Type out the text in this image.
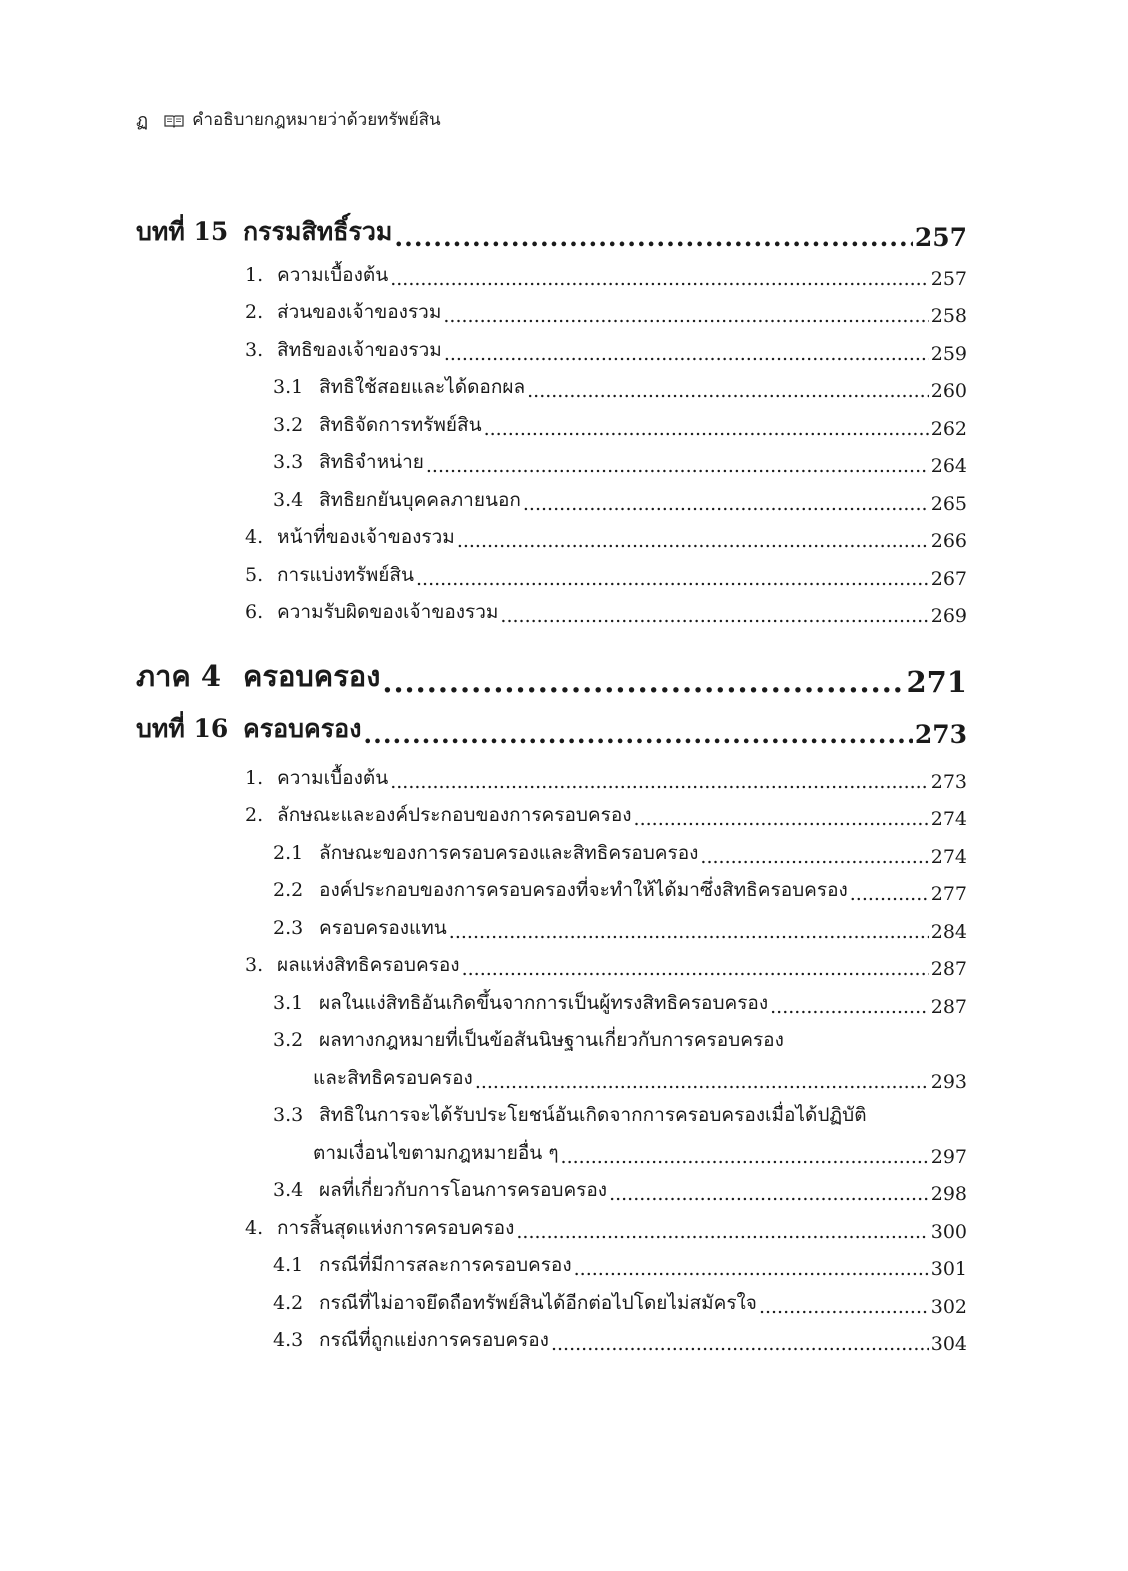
ฏ	คำอธิบายกฎหมายว่าด้วยทรัพย์สิน
บทที่ 15 กรรมสิทธิ์รวม .....	257
1. ความเบื้องต้น .....	257
2. ส่วนของเจ้าของรวม .....	258
3. สิทธิของเจ้าของรวม .....	259
3.1 สิทธิใช้สอยและได้ดอกผล .....	260
3.2 สิทธิจัดการทรัพย์สิน .....	262
3.3 สิทธิจำหน่าย .....	264
3.4 สิทธิยกยันบุคคลภายนอก .....	265
4. หน้าที่ของเจ้าของรวม .....	266
5. การแบ่งทรัพย์สิน .....	267
6. ความรับผิดของเจ้าของรวม .....	269
ภาค 4 ครอบครอง .....	271
บทที่ 16 ครอบครอง .....	273
1. ความเบื้องต้น .....	273
2. ลักษณะและองค์ประกอบของการครอบครอง .....	274
2.1 ลักษณะของการครอบครองและสิทธิครอบครอง .....	274
2.2 องค์ประกอบของการครอบครองที่จะทำให้ได้มาซึ่งสิทธิครอบครอง .....	277
2.3 ครอบครองแทน .....	284
3. ผลแห่งสิทธิครอบครอง .....	287
3.1 ผลในแง่สิทธิอันเกิดขึ้นจากการเป็นผู้ทรงสิทธิครอบครอง .....	287
3.2 ผลทางกฎหมายที่เป็นข้อสันนิษฐานเกี่ยวกับการครอบครอง
และสิทธิครอบครอง .....	293
3.3 สิทธิในการจะได้รับประโยชน์อันเกิดจากการครอบครองเมื่อได้ปฏิบัติ
ตามเงื่อนไขตามกฎหมายอื่น ๆ .....	297
3.4 ผลที่เกี่ยวกับการโอนการครอบครอง .....	298
4. การสิ้นสุดแห่งการครอบครอง .....	300
4.1 กรณีที่มีการสละการครอบครอง .....	301
4.2 กรณีที่ไม่อาจยึดถือทรัพย์สินได้อีกต่อไปโดยไม่สมัครใจ .....	302
4.3 กรณีที่ถูกแย่งการครอบครอง .....	304
